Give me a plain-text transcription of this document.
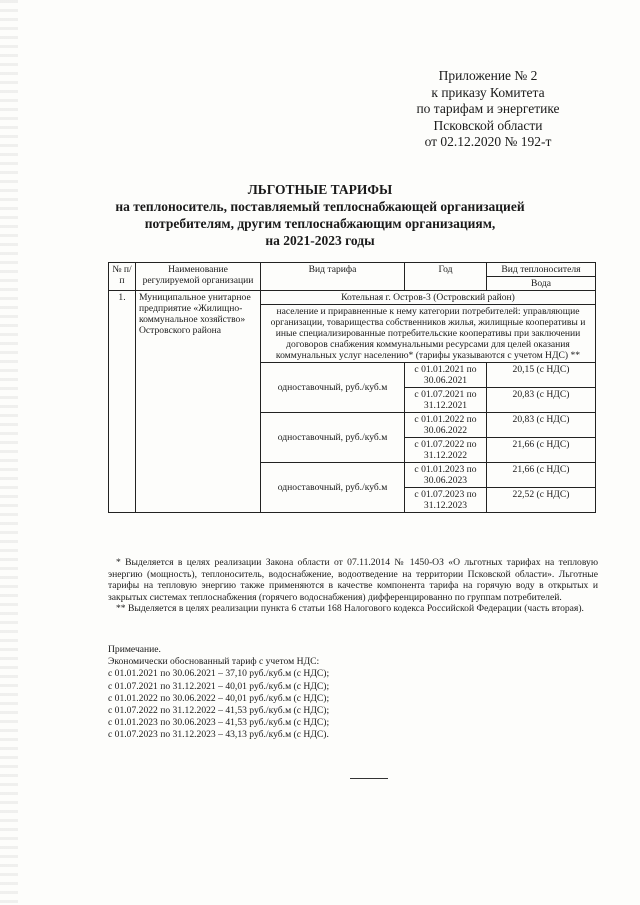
Приложение № 2
к приказу Комитета
по тарифам и энергетике
Псковской области
от 02.12.2020 № 192-т
ЛЬГОТНЫЕ ТАРИФЫ
на теплоноситель, поставляемый теплоснабжающей организацией
потребителям, другим теплоснабжающим организациям,
на 2021-2023 годы
№ п/п	Наименование регулируемой организации	Вид тарифа	Год	Вид теплоносителя
				Вода
1.	Муниципальное унитарное предприятие «Жилищно-коммунальное хозяйство» Островского района	Котельная г. Остров-3 (Островский район)		
		население и приравненные к нему категории потребителей: управляющие организации, товарищества собственников жилья, жилищные кооперативы и иные специализированные потребительские кооперативы при заключении договоров снабжения коммунальными ресурсами для целей оказания коммунальных услуг населению* (тарифы указываются с учетом НДС) **		
		одноставочный, руб./куб.м	с 01.01.2021 по 30.06.2021	20,15 (с НДС)
			с 01.07.2021 по 31.12.2021	20,83 (с НДС)
		одноставочный, руб./куб.м	с 01.01.2022 по 30.06.2022	20,83 (с НДС)
			с 01.07.2022 по 31.12.2022	21,66 (с НДС)
		одноставочный, руб./куб.м	с 01.01.2023 по 30.06.2023	21,66 (с НДС)
			с 01.07.2023 по 31.12.2023	22,52 (с НДС)

* Выделяется в целях реализации Закона области от 07.11.2014 № 1450-ОЗ «О льготных тарифах на тепловую энергию (мощность), теплоноситель, водоснабжение, водоотведение на территории Псковской области». Льготные тарифы на тепловую энергию также применяются в качестве компонента тарифа на горячую воду в открытых и закрытых системах теплоснабжения (горячего водоснабжения) дифференцированно по группам потребителей.

** Выделяется в целях реализации пункта 6 статьи 168 Налогового кодекса Российской Федерации (часть вторая).

Примечание.
Экономически обоснованный тариф с учетом НДС:
с 01.01.2021 по 30.06.2021 – 37,10 руб./куб.м (с НДС);
с 01.07.2021 по 31.12.2021 – 40,01 руб./куб.м (с НДС);
с 01.01.2022 по 30.06.2022 – 40,01 руб./куб.м (с НДС);
с 01.07.2022 по 31.12.2022 – 41,53 руб./куб.м (с НДС);
с 01.01.2023 по 30.06.2023 – 41,53 руб./куб.м (с НДС);
с 01.07.2023 по 31.12.2023 – 43,13 руб./куб.м (с НДС).
